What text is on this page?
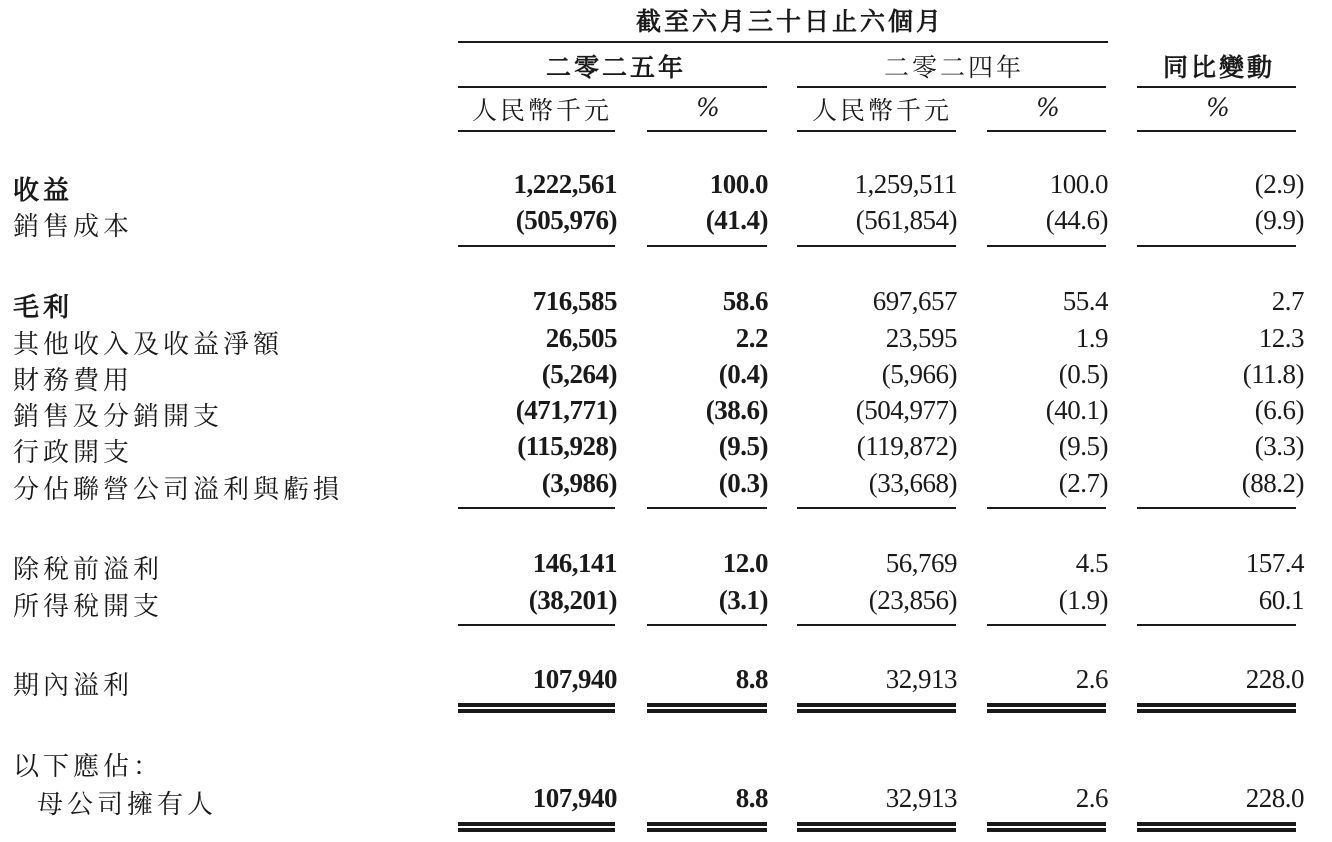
截至六月三十日止六個月
二零二五年	二零二四年	同比變動
人民幣千元	%	人民幣千元	%	%
收益	1,222,561	100.0	1,259,511	100.0	(2.9)
銷售成本	(505,976)	(41.4)	(561,854)	(44.6)	(9.9)
毛利	716,585	58.6	697,657	55.4	2.7
其他收入及收益淨額	26,505	2.2	23,595	1.9	12.3
財務費用	(5,264)	(0.4)	(5,966)	(0.5)	(11.8)
銷售及分銷開支	(471,771)	(38.6)	(504,977)	(40.1)	(6.6)
行政開支	(115,928)	(9.5)	(119,872)	(9.5)	(3.3)
分佔聯營公司溢利與虧損	(3,986)	(0.3)	(33,668)	(2.7)	(88.2)
除稅前溢利	146,141	12.0	56,769	4.5	157.4
所得稅開支	(38,201)	(3.1)	(23,856)	(1.9)	60.1
期內溢利	107,940	8.8	32,913	2.6	228.0
以下應佔：
母公司擁有人	107,940	8.8	32,913	2.6	228.0
